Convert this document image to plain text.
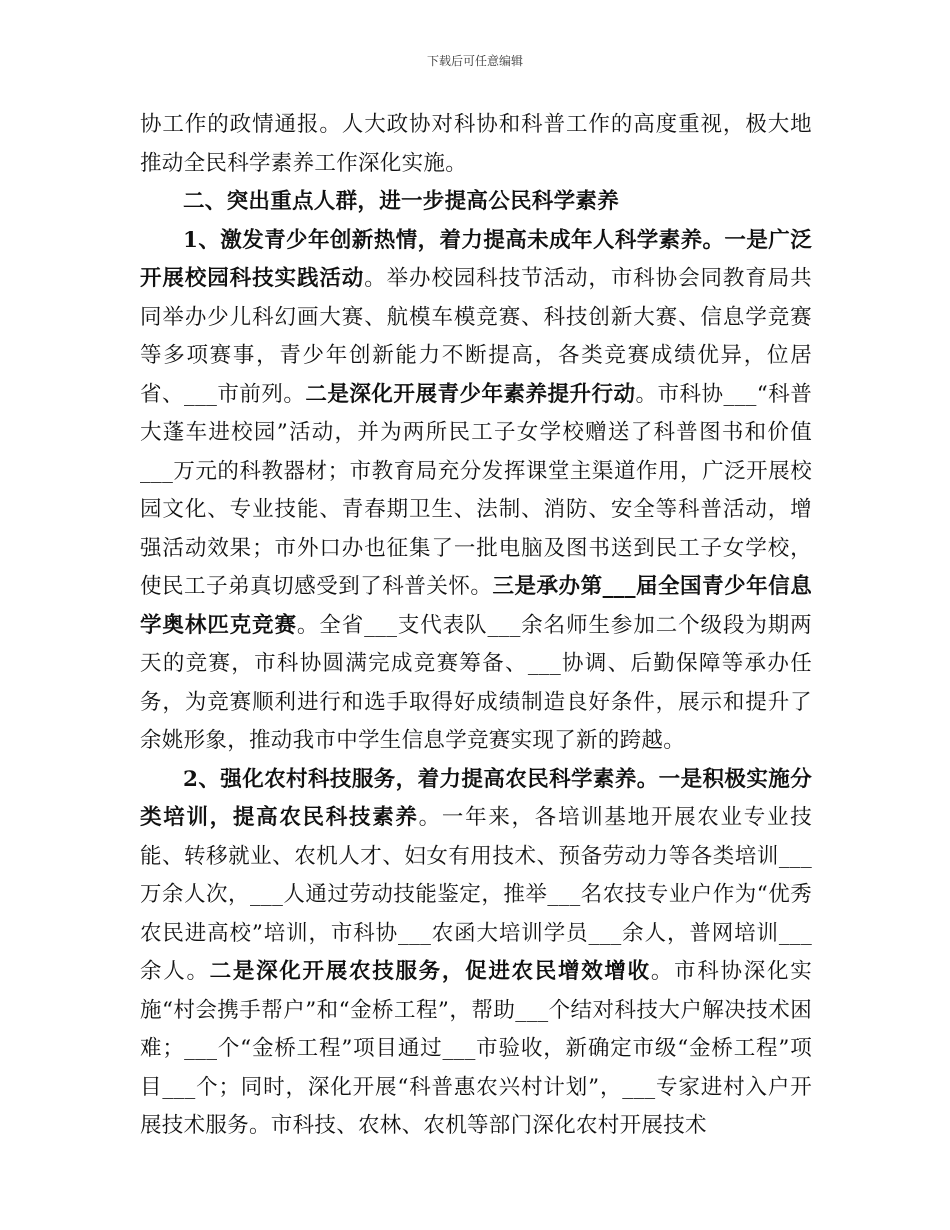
下载后可任意编辑

协工作的政情通报。人大政协对科协和科普工作的高度重视，极大地推动全民科学素养工作深化实施。

二、突出重点人群，进一步提高公民科学素养

1、激发青少年创新热情，着力提高未成年人科学素养。一是广泛开展校园科技实践活动。举办校园科技节活动，市科协会同教育局共同举办少儿科幻画大赛、航模车模竞赛、科技创新大赛、信息学竞赛等多项赛事，青少年创新能力不断提高，各类竞赛成绩优异，位居省、___市前列。二是深化开展青少年素养提升行动。市科协___“科普大蓬车进校园”活动，并为两所民工子女学校赠送了科普图书和价值___万元的科教器材；市教育局充分发挥课堂主渠道作用，广泛开展校园文化、专业技能、青春期卫生、法制、消防、安全等科普活动，增强活动效果；市外口办也征集了一批电脑及图书送到民工子女学校，使民工子弟真切感受到了科普关怀。三是承办第___届全国青少年信息学奥林匹克竞赛。全省___支代表队___余名师生参加二个级段为期两天的竞赛，市科协圆满完成竞赛筹备、___协调、后勤保障等承办任务，为竞赛顺利进行和选手取得好成绩制造良好条件，展示和提升了余姚形象，推动我市中学生信息学竞赛实现了新的跨越。

2、强化农村科技服务，着力提高农民科学素养。一是积极实施分类培训，提高农民科技素养。一年来，各培训基地开展农业专业技能、转移就业、农机人才、妇女有用技术、预备劳动力等各类培训___万余人次，___人通过劳动技能鉴定，推举___名农技专业户作为“优秀农民进高校”培训，市科协___农函大培训学员___余人，普网培训___余人。二是深化开展农技服务，促进农民增效增收。市科协深化实施“村会携手帮户”和“金桥工程”，帮助___个结对科技大户解决技术困难；___个“金桥工程”项目通过___市验收，新确定市级“金桥工程”项目___个；同时，深化开展“科普惠农兴村计划”，___专家进村入户开展技术服务。市科技、农林、农机等部门深化农村开展技术
